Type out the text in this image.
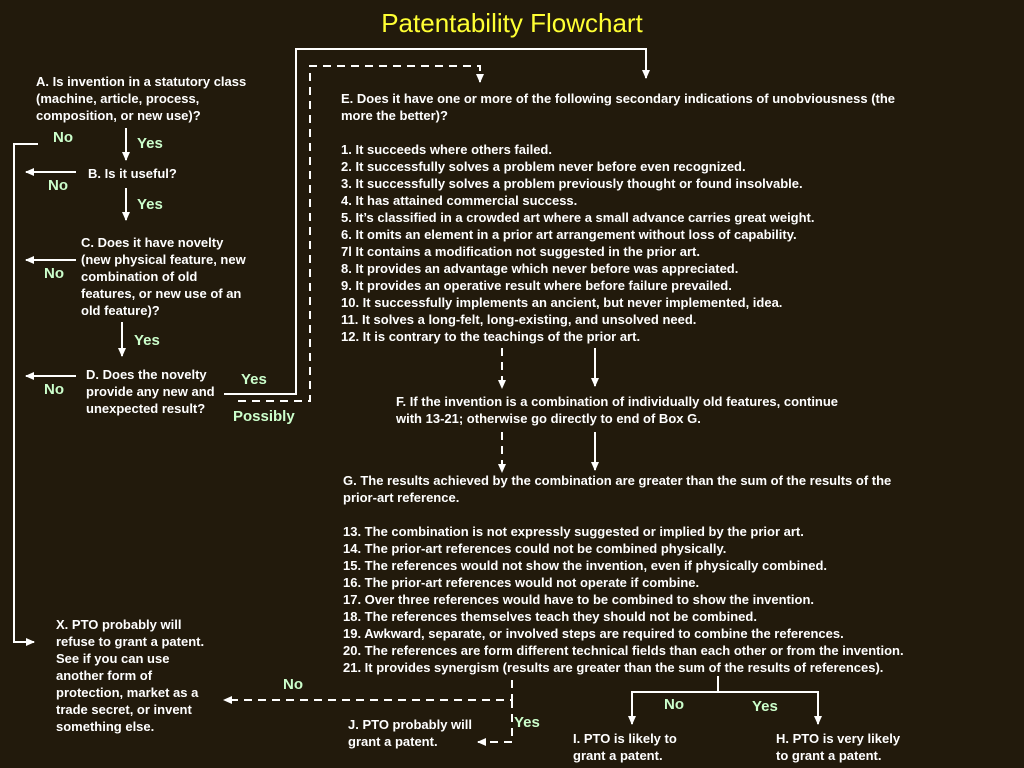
Patentability Flowchart

A. Is invention in a statutory class
(machine, article, process,
composition, or new use)?

B. Is it useful?

C. Does it have novelty
(new physical feature, new
combination of old
features, or new use of an
old feature)?

D. Does the novelty
provide any new and
unexpected result?

E. Does it have one or more of the following secondary indications of unobviousness (the
more the better)?

1. It succeeds where others failed.
2. It successfully solves a problem never before even recognized.
3. It successfully solves a problem previously thought or found insolvable.
4. It has attained commercial success.
5. It’s classified in a crowded art where a small advance carries great weight.
6. It omits an element in a prior art arrangement without loss of capability.
7l It contains a modification not suggested in the prior art.
8. It provides an advantage which never before was appreciated.
9. It provides an operative result where before failure prevailed.
10. It successfully implements an ancient, but never implemented, idea.
11. It solves a long-felt, long-existing, and unsolved need.
12. It is contrary to the teachings of the prior art.

F. If the invention is a combination of individually old features, continue
with 13-21; otherwise go directly to end of Box G.

G. The results achieved by the combination are greater than the sum of the results of the
prior-art reference.

13. The combination is not expressly suggested or implied by the prior art.
14. The prior-art references could not be combined physically.
15. The references would not show the invention, even if physically combined.
16. The prior-art references would not operate if combine.
17. Over three references would have to be combined to show the invention.
18. The references themselves teach they should not be combined.
19. Awkward, separate, or involved steps are required to combine the references.
20. The references are form different technical fields than each other or from the invention.
21. It provides synergism (results are greater than the sum of the results of references).

X. PTO probably will
refuse to grant a patent.
See if you can use
another form of
protection, market as a
trade secret, or invent
something else.	J. PTO probably will
grant a patent.	I. PTO is likely to
grant a patent.

H. PTO is very likely
to grant a patent.

No	Yes
No
Yes
No
Yes
No
Yes
Possibly
No
Yes
No	Yes
